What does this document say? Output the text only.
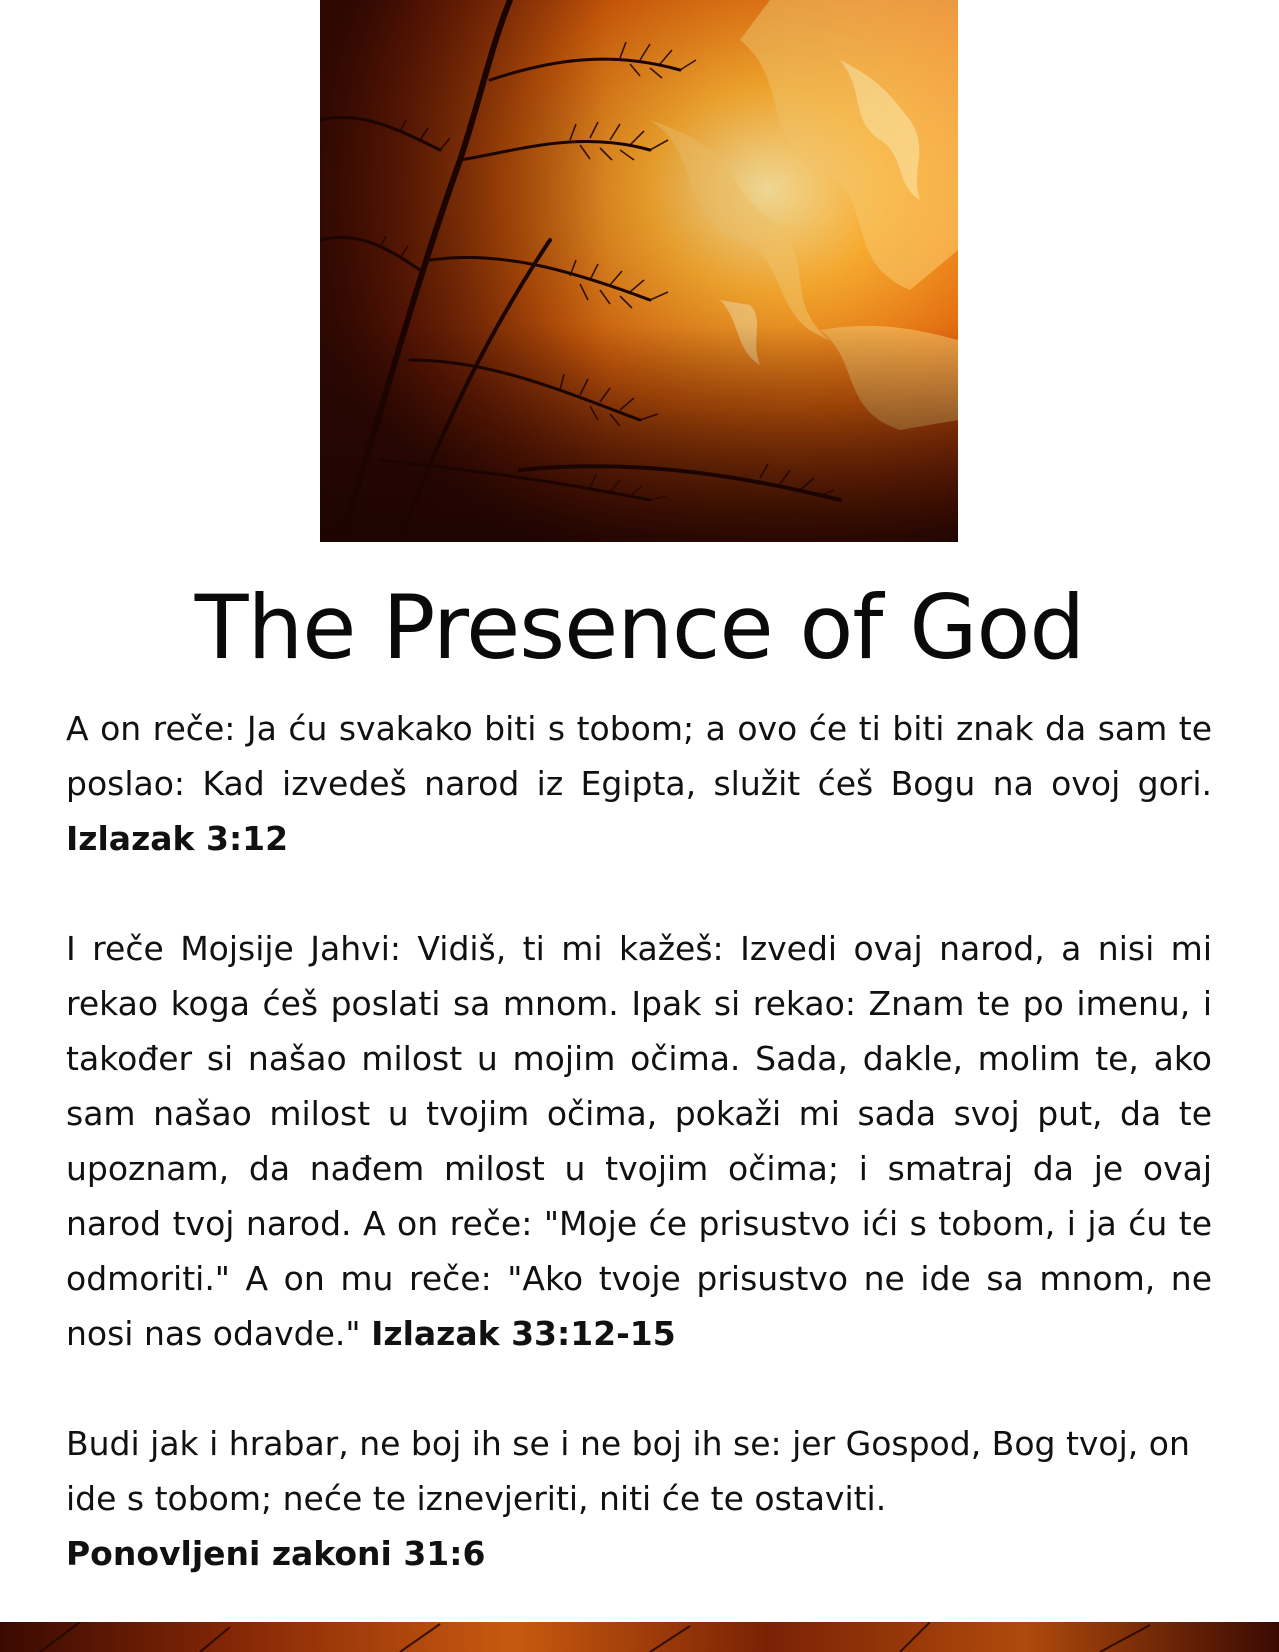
The Presence of God

A on reče: Ja ću svakako biti s tobom; a ovo će ti biti znak da sam te poslao: Kad izvedeš narod iz Egipta, služit ćeš Bogu na ovoj gori. Izlazak 3:12

I reče Mojsije Jahvi: Vidiš, ti mi kažeš: Izvedi ovaj narod, a nisi mi rekao koga ćeš poslati sa mnom. Ipak si rekao: Znam te po imenu, i također si našao milost u mojim očima. Sada, dakle, molim te, ako sam našao milost u tvojim očima, pokaži mi sada svoj put, da te upoznam, da nađem milost u tvojim očima; i smatraj da je ovaj narod tvoj narod. A on reče: "Moje će prisustvo ići s tobom, i ja ću te odmoriti." A on mu reče: "Ako tvoje prisustvo ne ide sa mnom, ne nosi nas odavde." Izlazak 33:12-15

Budi jak i hrabar, ne boj ih se i ne boj ih se: jer Gospod, Bog tvoj, on ide s tobom; neće te iznevjeriti, niti će te ostaviti.
Ponovljeni zakoni 31:6
